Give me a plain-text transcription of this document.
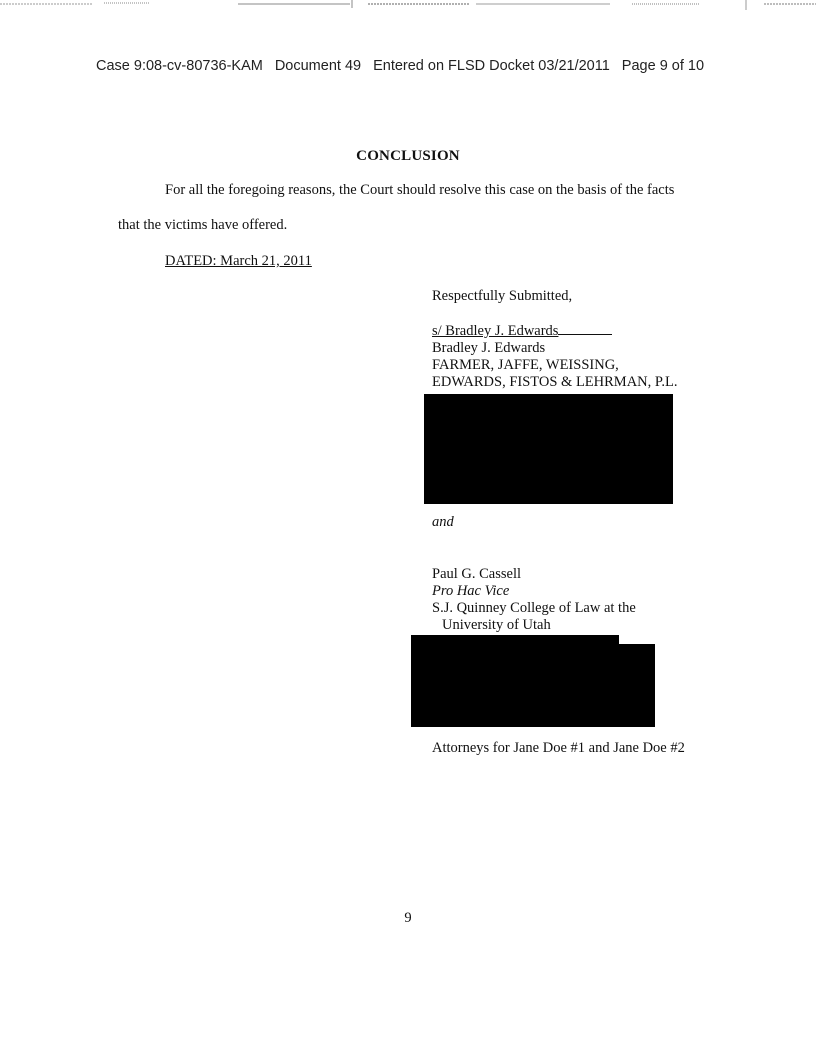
Case 9:08-cv-80736-KAM Document 49 Entered on FLSD Docket 03/21/2011 Page 9 of 10
CONCLUSION
For all the foregoing reasons, the Court should resolve this case on the basis of the facts
that the victims have offered.
DATED: March 21, 2011
Respectfully Submitted,
s/ Bradley J. Edwards
Bradley J. Edwards
FARMER, JAFFE, WEISSING,
EDWARDS, FISTOS & LEHRMAN, P.L.
and
Paul G. Cassell
Pro Hac Vice
S.J. Quinney College of Law at the
University of Utah
Attorneys for Jane Doe #1 and Jane Doe #2
9
